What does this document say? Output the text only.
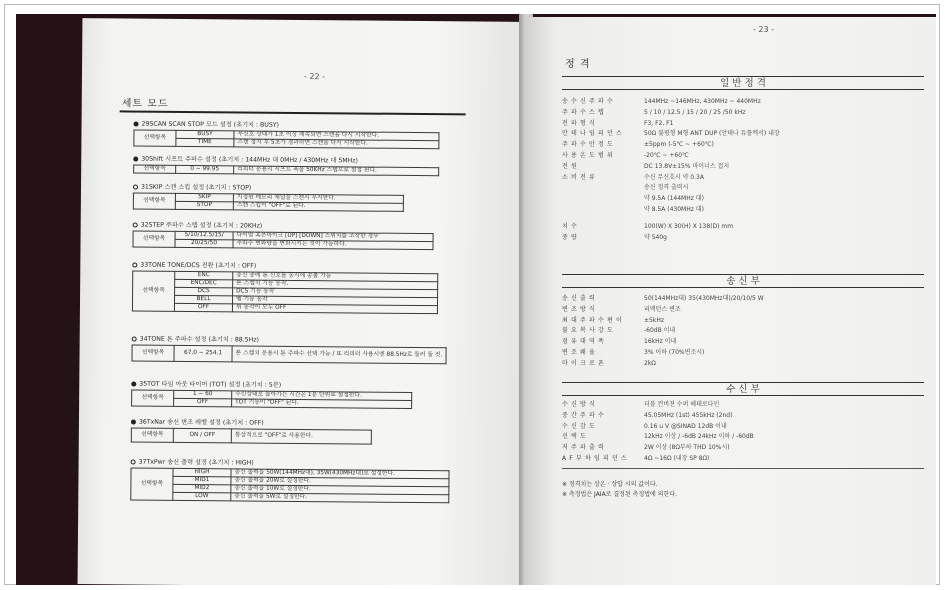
- 22 -
세트 모드
29SCAN SCAN STOP 모드 설정 (초기치 : BUSY)
선택항목	BUSY	무신호 상태가 1초 이상 계속되면 스캔을 다시 시작한다.
	TIME	스캔 정지 후 5초가 경과하면 스캔을 다시 시작한다.
30Shift 시프트 주파수 설정 (초기치 : 144MHz 대 0MHz / 430MHz 대 5MHz)
선택항목	0 ~ 99.95	리피터 운용시 시프트 폭을 50KHz 스텝으로 설정 된다.
31SKIP 스캔 스킵 설정 (초기치 : STOP)
선택항목	SKIP	지정된 메모리 채널을 스캔시 무시한다.
	STOP	스캔 스킵이 "OFF"로 된다.
32STEP 주파수 스텝 설정 (초기치 : 20KHz)
선택항목	5/10/12.5/15/	다이얼 혹은마이크 [UP] [DOWN] 스위치를 조작한 경우
	20/25/50	주파수 변화량을 변화시키는 것이 가능하다.
33TONE TONE/DCS 전환 (초기치 : OFF)
선택항목	ENC	송신 중에 톤 신호를 동시에 송출 가능
	ENC/DEC	톤 스켈치 기능 동작.
	DCS	DCS 기능 동작
	BELL	벨 기능 동작
	OFF	위 동작이 모두 OFF
34TONE 톤 주파수 설정 (초기치 : 88.5Hz)
선택항목	67.0 ~ 254.1	톤 스켈치 운용시 톤 주파수 선택 가능 / 또 리피터 사용시엔 88.5Hz로 둘러 둘 것.
35TOT 타임 아웃 타이머 (TOT) 설정 (초기치 : 5분)
선택항목	1 ~ 60	수신상태로 돌아가는 시간은 1분 단위로 설정한다.
	OFF	TOT 기능이 "OFF" 된다.
36TxNar 송신 변조 레벨 설정 (초기치 : OFF)
선택항목	ON / OFF	통상적으로 "OFF"로 사용한다.
37TxPwr 송신 출력 설정 (초기치 : HIGH)
선택항목	HIGH	송신 출력을 50W(144MHz대), 35W(430MHz대)로 설정한다.
	MID1	송신 출력을 20W로 설정한다.
	MID2	송신 출력을 10W로 설정한다.
	LOW	송신 출력을 5W로 설정한다.
- 23 -
정 격
일 반 정 격
송수신주파수	144MHz ~146MHz, 430MHz ~ 440MHz
주파수스텝	5 / 10 / 12.5 / 15 / 20 / 25 /50 kHz
전파형식	F3, F2, F1
안테나임피던스	50Ω 불평형 M형 ANT DUP (안테나 듀플렉서) 내장
주파수안정도	±5ppm (-5℃ ~ +60℃)
사용온도범위	-20℃ ~ +60℃
전원	DC 13.8V±15% 마이너스 접지
소비전류	수신 무신호시 약 0.3A
송신 정격 출력시
약 9.5A (144MHz 대)
약 8.5A (430MHz 대)
치수	100(W) X 30(H) X 138(D) mm
중량	약 540g
송 신 부
송신출력	50(144MHz대) 35(430MHz대)/20/10/5 W
변조방식	리액턴스 변조
최대주파수편이	±5kHz
불요복사강도	-60dB 이내
점유대역폭	16kHz 이내
변조왜율	3% 이하 (70%변조시)
마이크로폰	2kΩ
수 신 부
수신방식	더블 컨버젼 수퍼 헤테로다인
중간주파수	45.05MHz (1st) 455kHz (2nd)
수신감도	0.16 u V @SINAD 12dB 이내
선택도	12kHz 이상 / -6dB 24kHz 이하 / -60dB
저주파출력	2W 이상 (8Ω부하 THD 10%시)
AF부하임피던스	4Ω ~16Ω (내장 SP 8Ω)
※ 정격치는 상온 · 상압 시의 값이다.
※ 측정법은 JAIA로 결정된 측정법에 의한다.
